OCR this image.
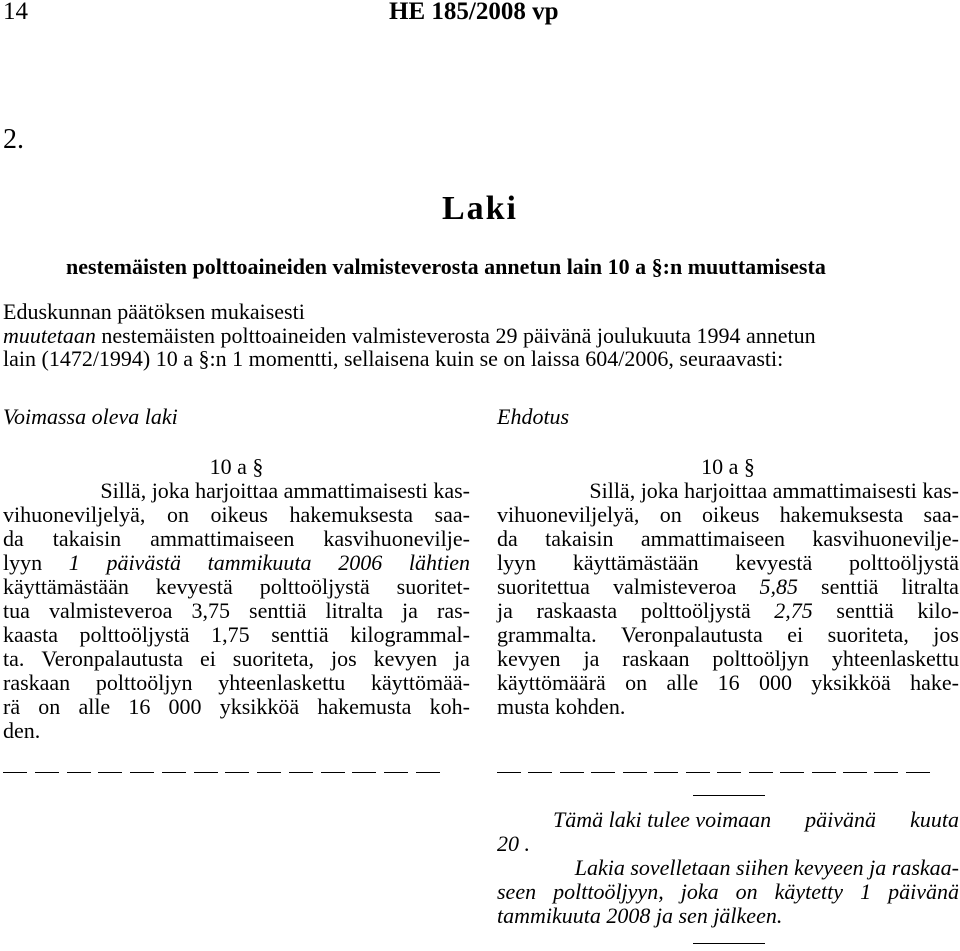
14	HE 185/2008 vp
2.
Laki
nestemäisten polttoaineiden valmisteverosta annetun lain 10 a §:n muuttamisesta
Eduskunnan päätöksen mukaisesti
muutetaan nestemäisten polttoaineiden valmisteverosta 29 päivänä joulukuuta 1994 annetun
lain (1472/1994) 10 a §:n 1 momentti, sellaisena kuin se on laissa 604/2006, seuraavasti:
Voimassa oleva laki	Ehdotus
10 a §

Sillä, joka harjoittaa ammattimaisesti kas-
vihuoneviljelyä, on oikeus hakemuksesta saa-
da takaisin ammattimaiseen kasvihuonevilje-
lyyn 1 päivästä tammikuuta 2006 lähtien
käyttämästään kevyestä polttoöljystä suoritet-
tua valmisteveroa 3,75 senttiä litralta ja ras-
kaasta polttoöljystä 1,75 senttiä kilogrammal-
ta. Veronpalautusta ei suoriteta, jos kevyen ja
raskaan polttoöljyn yhteenlaskettu käyttömää-
rä on alle 16 000 yksikköä hakemusta koh-
den.
10 a §

Sillä, joka harjoittaa ammattimaisesti kas-
vihuoneviljelyä, on oikeus hakemuksesta saa-
da takaisin ammattimaiseen kasvihuonevilje-
lyyn käyttämästään kevyestä polttoöljystä
suoritettua valmisteveroa 5,85 senttiä litralta
ja raskaasta polttoöljystä 2,75 senttiä kilo-
grammalta. Veronpalautusta ei suoriteta, jos
kevyen ja raskaan polttoöljyn yhteenlaskettu
käyttömäärä on alle 16 000 yksikköä hake-
musta kohden.

Tämä laki tulee voimaan päivänä kuuta
20 .

Lakia sovelletaan siihen kevyeen ja raskaa-
seen polttoöljyyn, joka on käytetty 1 päivänä
tammikuuta 2008 ja sen jälkeen.
